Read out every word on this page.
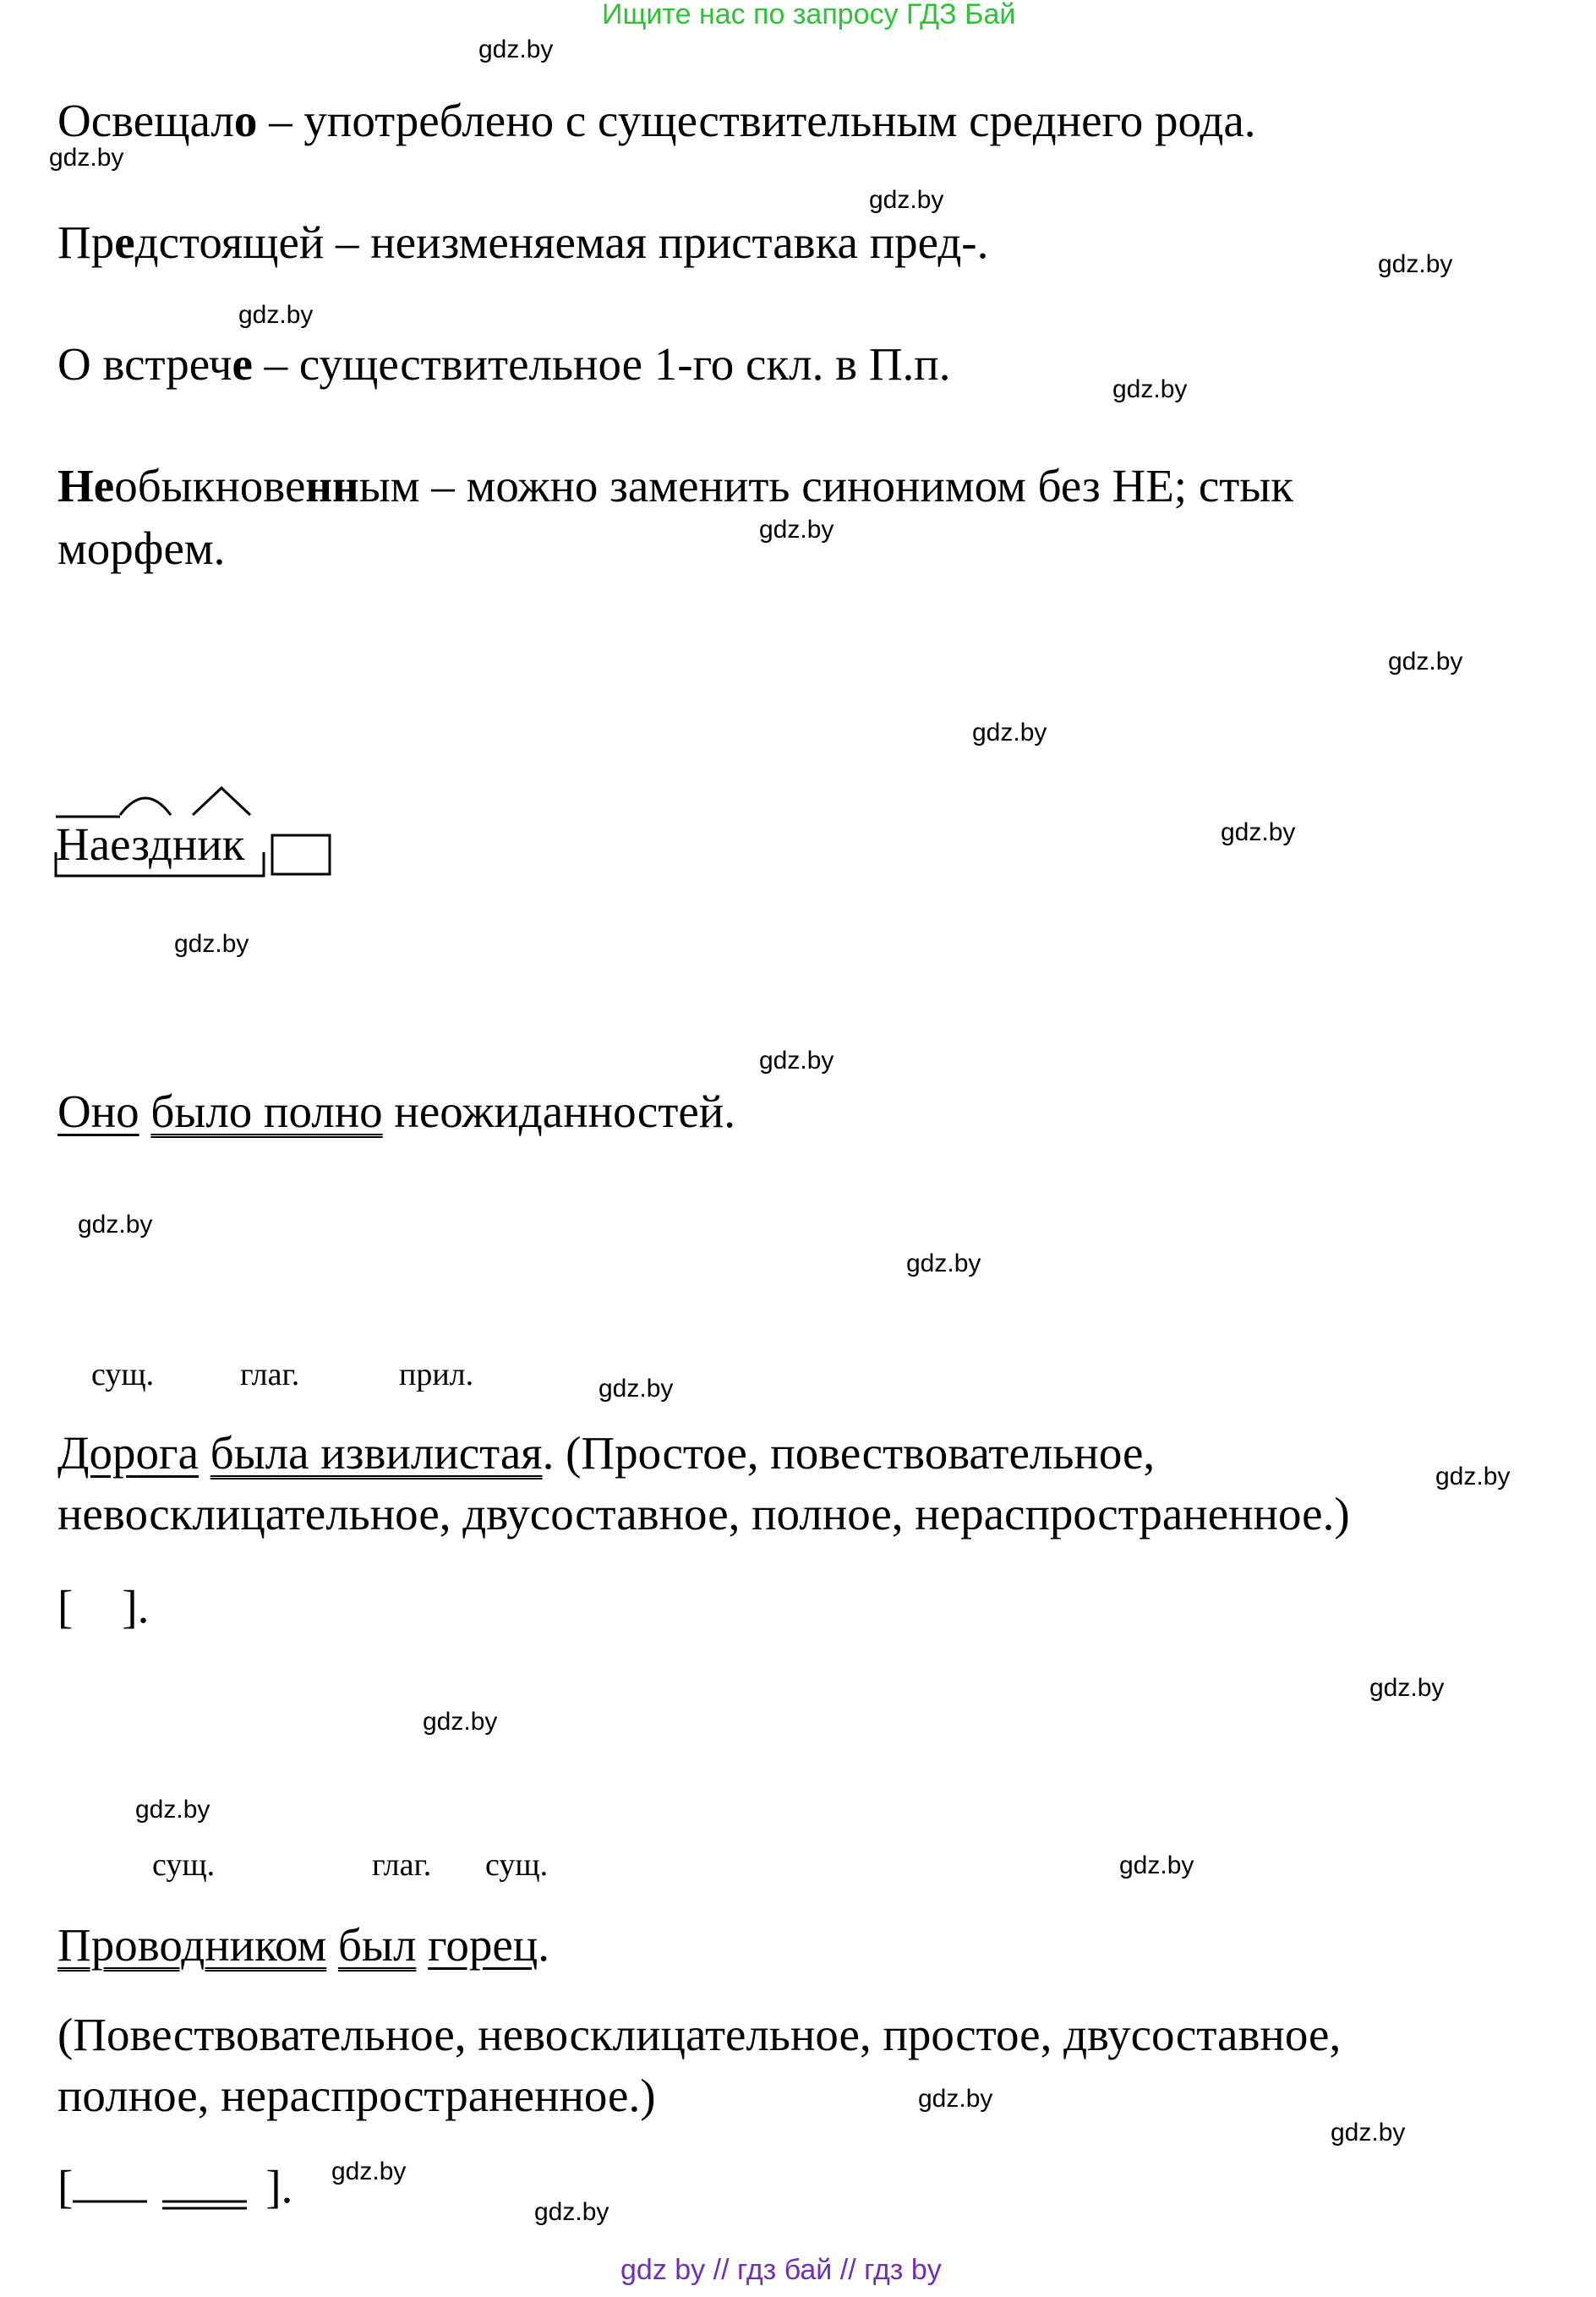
Ищите нас по запросу ГДЗ Бай
gdz.by
gdz.by
gdz.by
gdz.by
gdz.by
gdz.by
gdz.by
gdz.by
gdz.by
gdz.by
gdz.by
gdz.by
gdz.by
gdz.by
gdz.by
gdz.by
gdz.by
gdz.by
gdz.by
gdz.by
gdz.by
gdz.by
gdz.by
gdz.by
Освещало – употреблено с существительным среднего рода.
Предстоящей – неизменяемая приставка пред-.
О встрече – существительное 1-го скл. в П.п.
Необыкновенным – можно заменить синонимом без НЕ; стык
морфем.
Наездник
Оно было полно неожиданностей.
сущ.	глаг.	прил.
Дорога была извилистая. (Простое, повествовательное,
невосклицательное, двусоставное, полное, нераспространенное.)
[ ].
сущ.	глаг. сущ.
Проводником был горец.
(Повествовательное, невосклицательное, простое, двусоставное,
полное, нераспространенное.)
[	].
gdz by // гдз бай // гдз by
